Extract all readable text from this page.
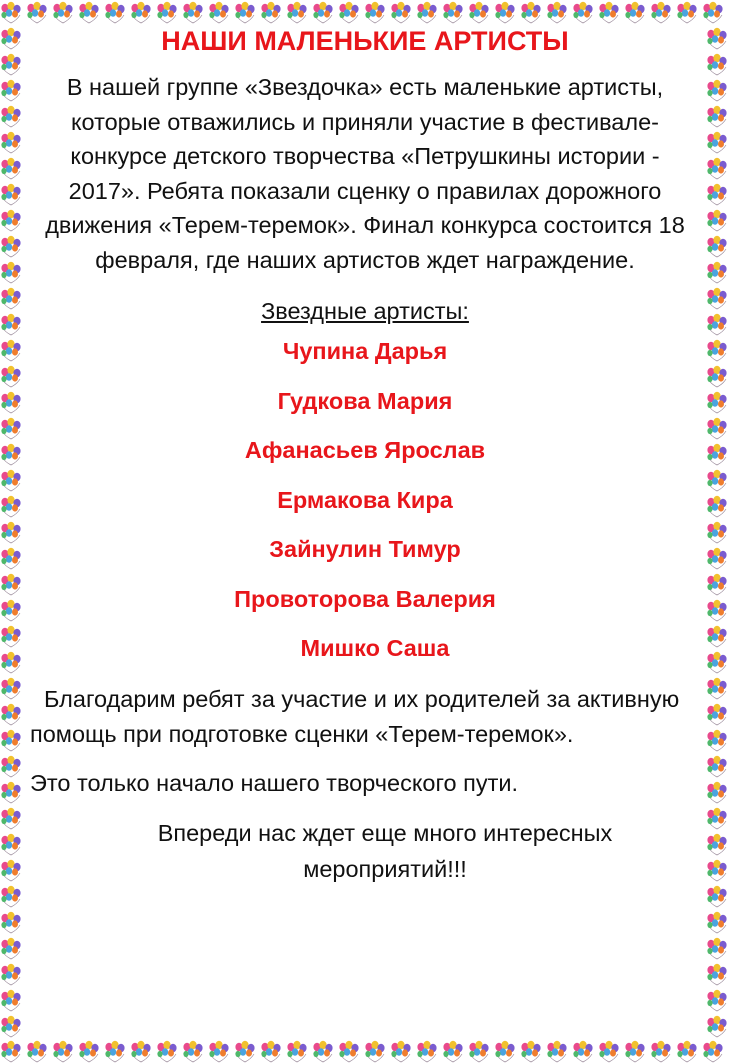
НАШИ МАЛЕНЬКИЕ АРТИСТЫ

В нашей группе «Звездочка» есть маленькие артисты, которые отважились и приняли участие в фестивале-конкурсе детского творчества «Петрушкины истории - 2017». Ребята показали сценку о правилах дорожного движения «Терем-теремок». Финал конкурса состоится 18 февраля, где наших артистов ждет награждение.

Звездные артисты:

Чупина Дарья
Гудкова Мария
Афанасьев Ярослав
Ермакова Кира
Зайнулин Тимур
Провоторова Валерия
Мишко Саша

Благодарим ребят за участие и их родителей за активную помощь при подготовке сценки «Терем-теремок».

Это только начало нашего творческого пути.

Впереди нас ждет еще много интересных мероприятий!!!
